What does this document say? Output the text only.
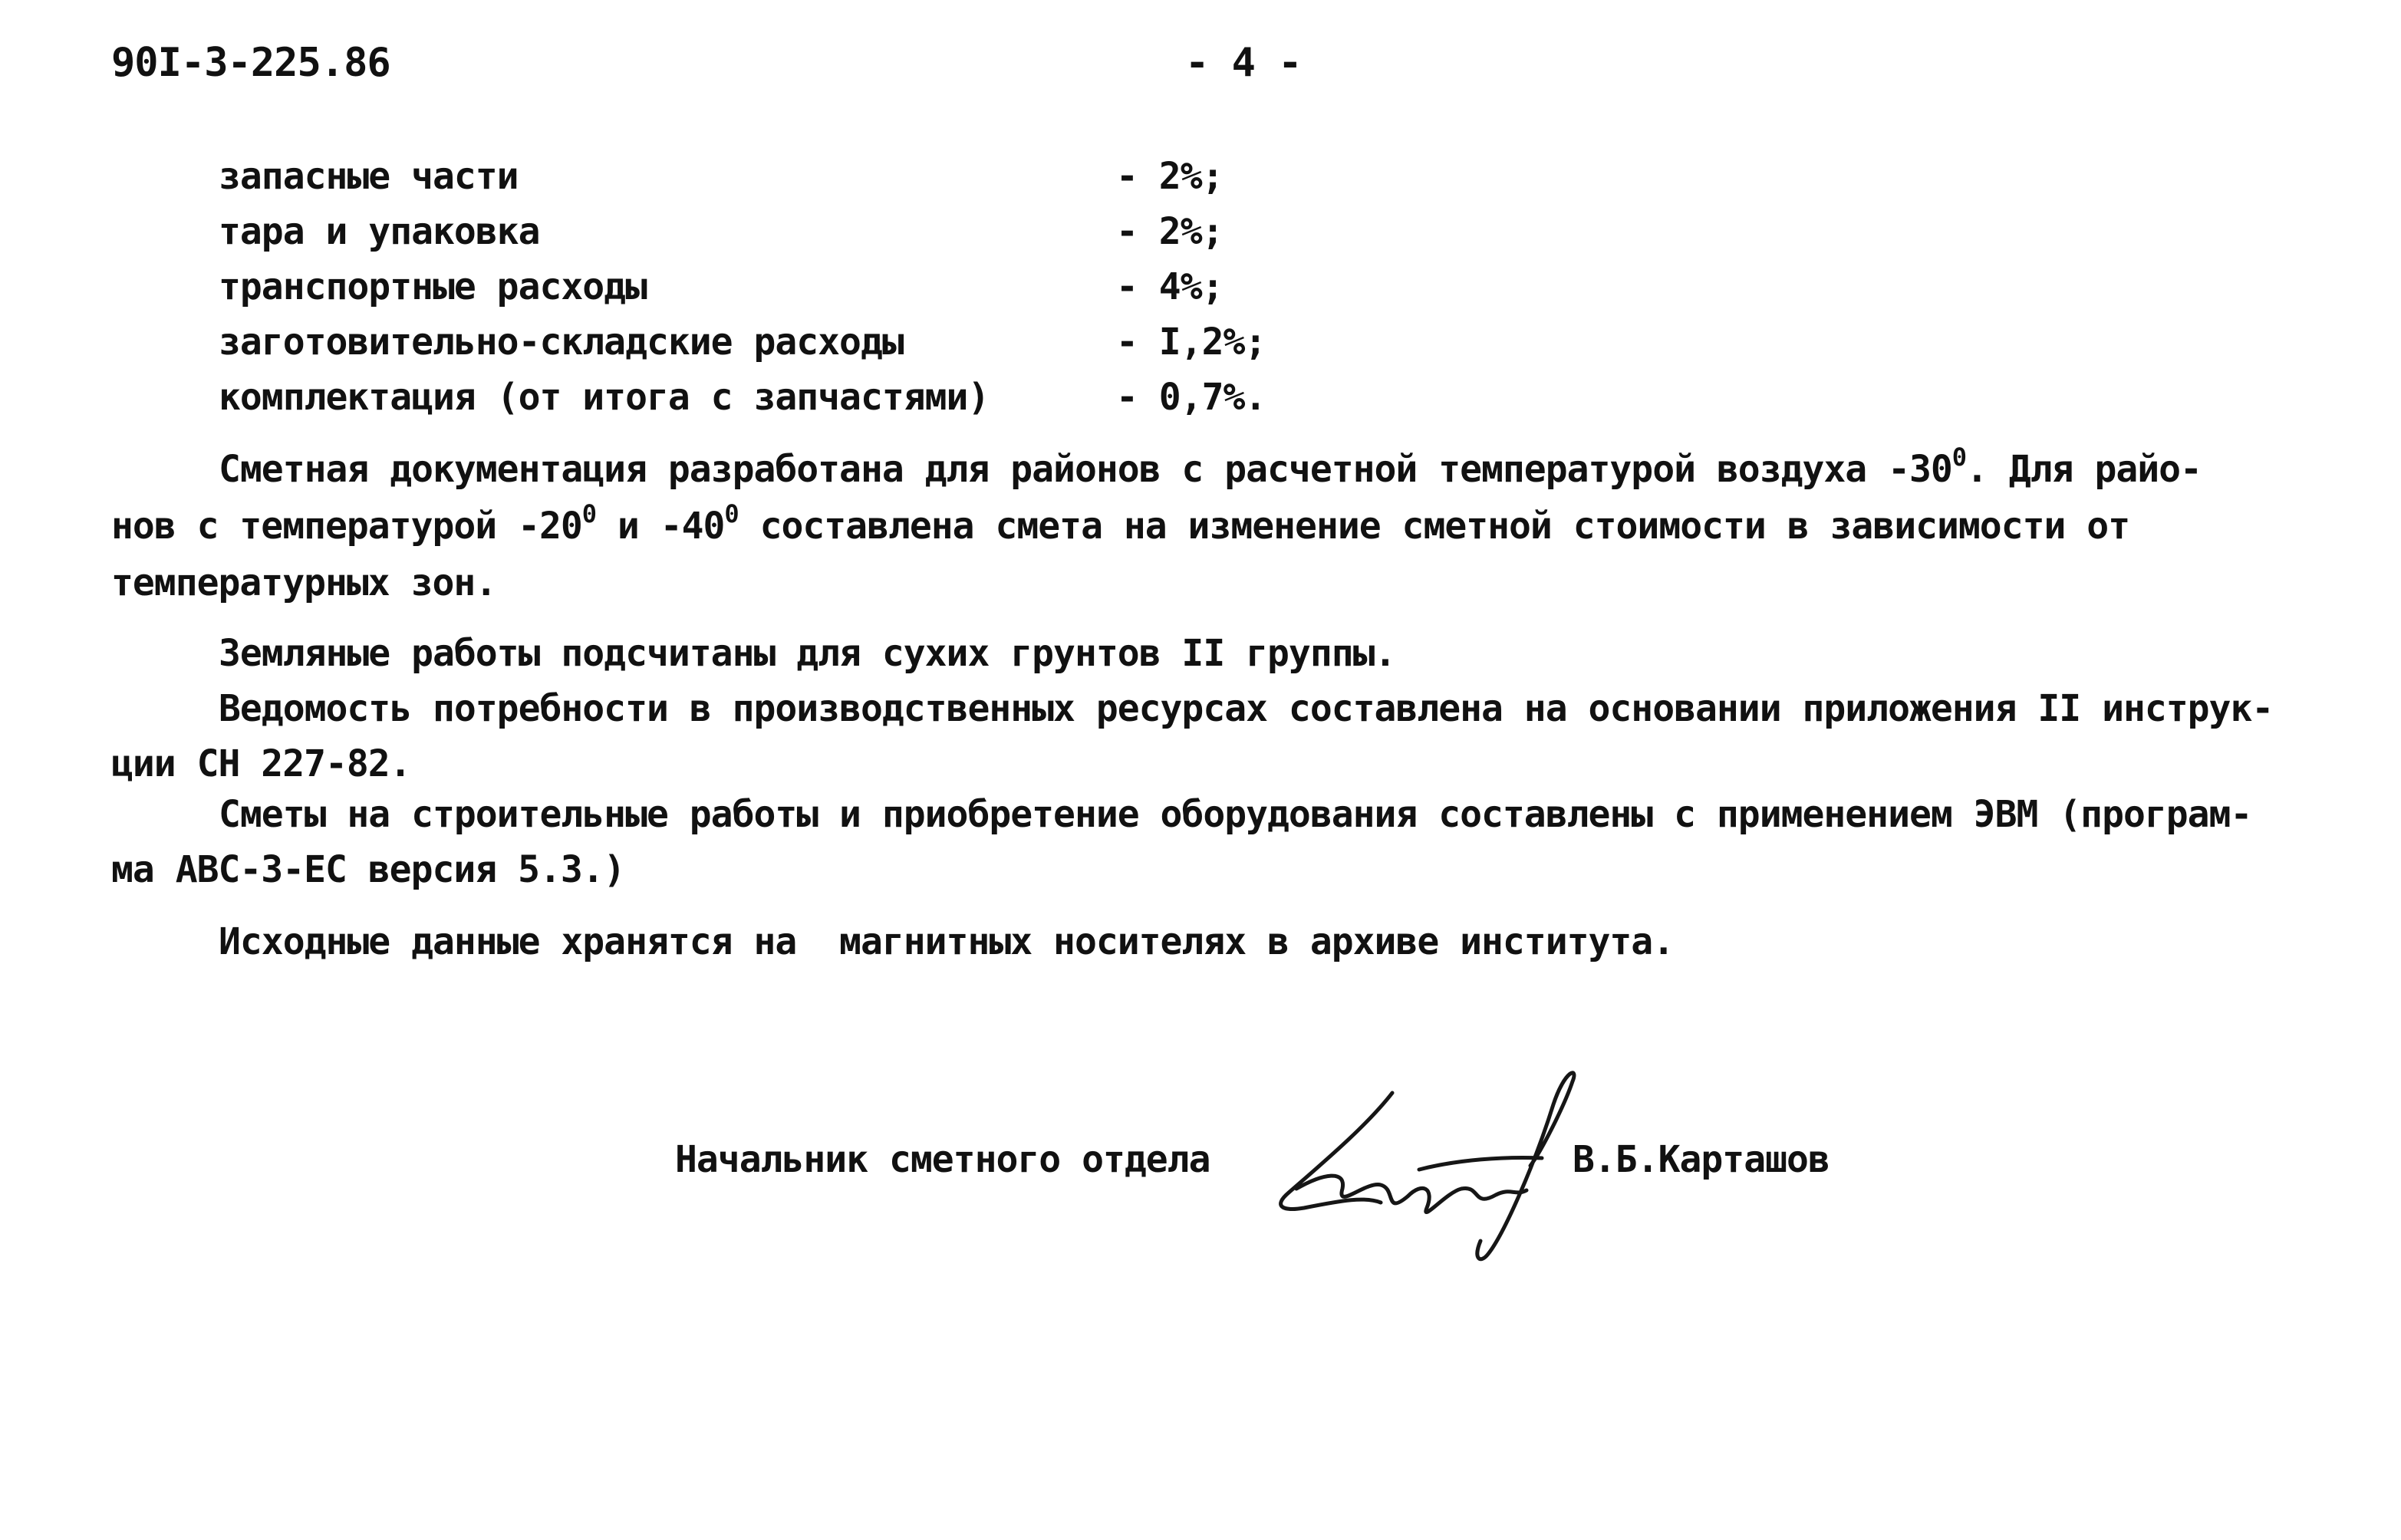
90I-3-225.86	- 4 -
запасные части	- 2%;
тара и упаковка	- 2%;
транспортные расходы	- 4%;
заготовительно-складские расходы	- I,2%;
комплектация (от итога с запчастями)	- 0,7%.
Сметная документация разработана для районов с расчетной температурой воздуха $-30^0$. Для райо-
нов с температурой $-20^0$ и $-40^0$ составлена смета на изменение сметной стоимости в зависимости от
температурных зон.
Земляные работы подсчитаны для сухих грунтов II группы.
Ведомость потребности в производственных ресурсах составлена на основании приложения II инструк-
ции СН 227-82.
Сметы на строительные работы и приобретение оборудования составлены с применением ЭВМ (програм-
ма АВС-3-ЕС версия 5.3.)
Исходные данные хранятся на  магнитных носителях в архиве института.
Начальник сметного отдела	В.Б.Карташов
